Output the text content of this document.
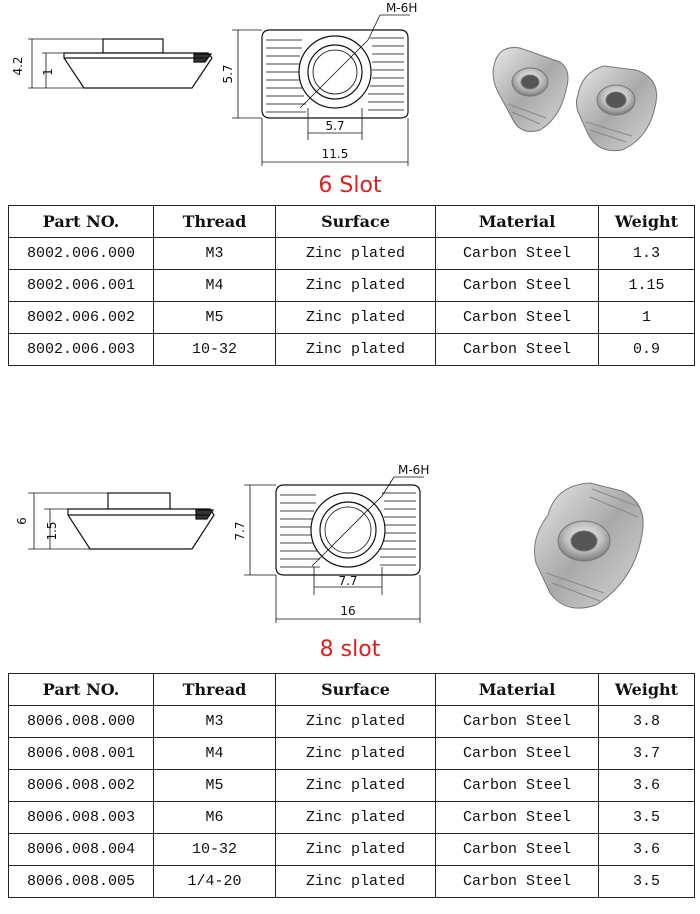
4.2 1
M-6H
5.7
5.7
11.5
6 Slot
Part NO.	Thread	Surface	Material	Weight
8002.006.000	M3	Zinc plated	Carbon Steel	1.3
8002.006.001	M4	Zinc plated	Carbon Steel	1.15
8002.006.002	M5	Zinc plated	Carbon Steel	1
8002.006.003	10-32	Zinc plated	Carbon Steel	0.9
6
1.5
M-6H
7.7
7.7
16
8 slot
Part NO.	Thread	Surface	Material	Weight
8006.008.000	M3	Zinc plated	Carbon Steel	3.8
8006.008.001	M4	Zinc plated	Carbon Steel	3.7
8006.008.002	M5	Zinc plated	Carbon Steel	3.6
8006.008.003	M6	Zinc plated	Carbon Steel	3.5
8006.008.004	10-32	Zinc plated	Carbon Steel	3.6
8006.008.005	1/4-20	Zinc plated	Carbon Steel	3.5
